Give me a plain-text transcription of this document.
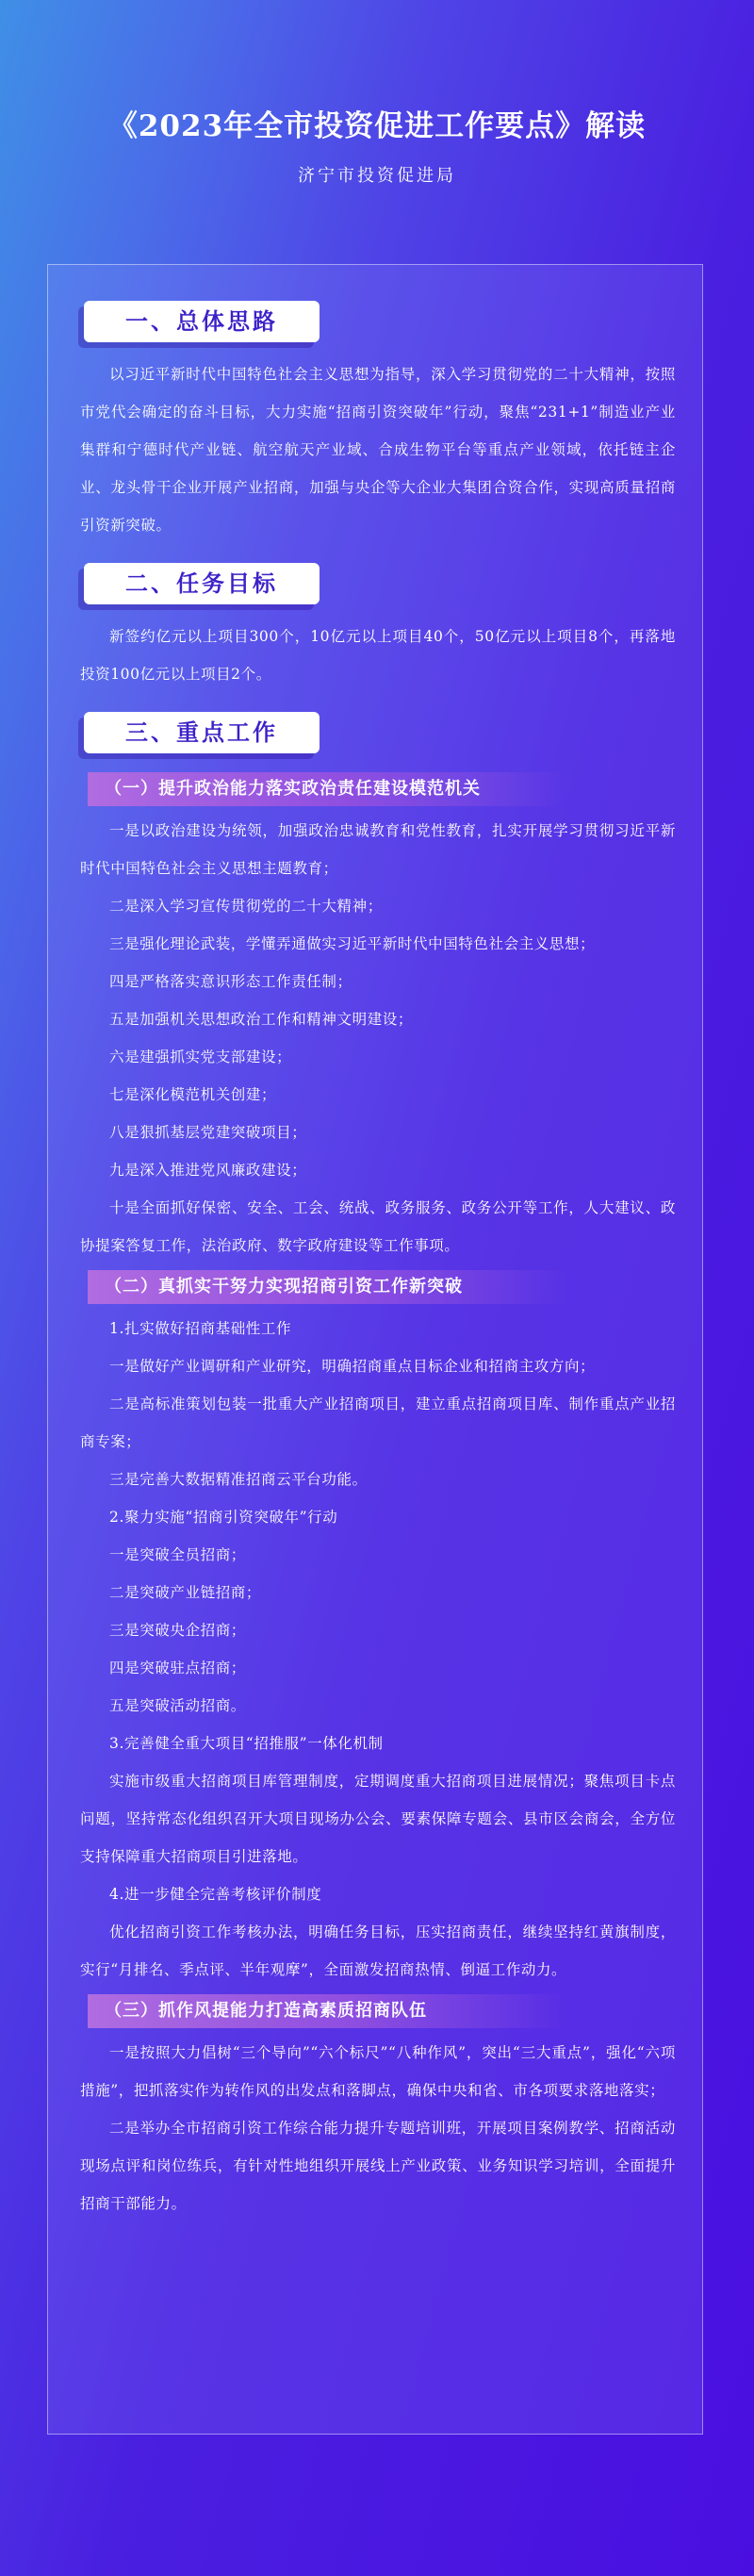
《2023年全市投资促进工作要点》解读

济宁市投资促进局

一、总体思路

以习近平新时代中国特色社会主义思想为指导，深入学习贯彻党的二十大精神，按照市党代会确定的奋斗目标，大力实施“招商引资突破年”行动，聚焦“231+1”制造业产业集群和宁德时代产业链、航空航天产业域、合成生物平台等重点产业领域，依托链主企业、龙头骨干企业开展产业招商，加强与央企等大企业大集团合资合作，实现高质量招商引资新突破。

二、任务目标

新签约亿元以上项目300个，10亿元以上项目40个，50亿元以上项目8个，再落地投资100亿元以上项目2个。

三、重点工作
（一）提升政治能力落实政治责任建设模范机关

一是以政治建设为统领，加强政治忠诚教育和党性教育，扎实开展学习贯彻习近平新时代中国特色社会主义思想主题教育；

二是深入学习宣传贯彻党的二十大精神；

三是强化理论武装，学懂弄通做实习近平新时代中国特色社会主义思想；

四是严格落实意识形态工作责任制；

五是加强机关思想政治工作和精神文明建设；

六是建强抓实党支部建设；

七是深化模范机关创建；

八是狠抓基层党建突破项目；

九是深入推进党风廉政建设；

十是全面抓好保密、安全、工会、统战、政务服务、政务公开等工作，人大建议、政协提案答复工作，法治政府、数字政府建设等工作事项。

（二）真抓实干努力实现招商引资工作新突破

1.扎实做好招商基础性工作

一是做好产业调研和产业研究，明确招商重点目标企业和招商主攻方向；

二是高标准策划包装一批重大产业招商项目，建立重点招商项目库、制作重点产业招商专案；

三是完善大数据精准招商云平台功能。

2.聚力实施“招商引资突破年”行动

一是突破全员招商；

二是突破产业链招商；

三是突破央企招商；

四是突破驻点招商；

五是突破活动招商。

3.完善健全重大项目“招推服”一体化机制

实施市级重大招商项目库管理制度，定期调度重大招商项目进展情况；聚焦项目卡点问题，坚持常态化组织召开大项目现场办公会、要素保障专题会、县市区会商会，全方位支持保障重大招商项目引进落地。

4.进一步健全完善考核评价制度

优化招商引资工作考核办法，明确任务目标，压实招商责任，继续坚持红黄旗制度，实行“月排名、季点评、半年观摩”，全面激发招商热情、倒逼工作动力。

（三）抓作风提能力打造高素质招商队伍

一是按照大力倡树“三个导向”“六个标尺”“八种作风”，突出“三大重点”，强化“六项措施”，把抓落实作为转作风的出发点和落脚点，确保中央和省、市各项要求落地落实；

二是举办全市招商引资工作综合能力提升专题培训班，开展项目案例教学、招商活动现场点评和岗位练兵，有针对性地组织开展线上产业政策、业务知识学习培训，全面提升招商干部能力。
